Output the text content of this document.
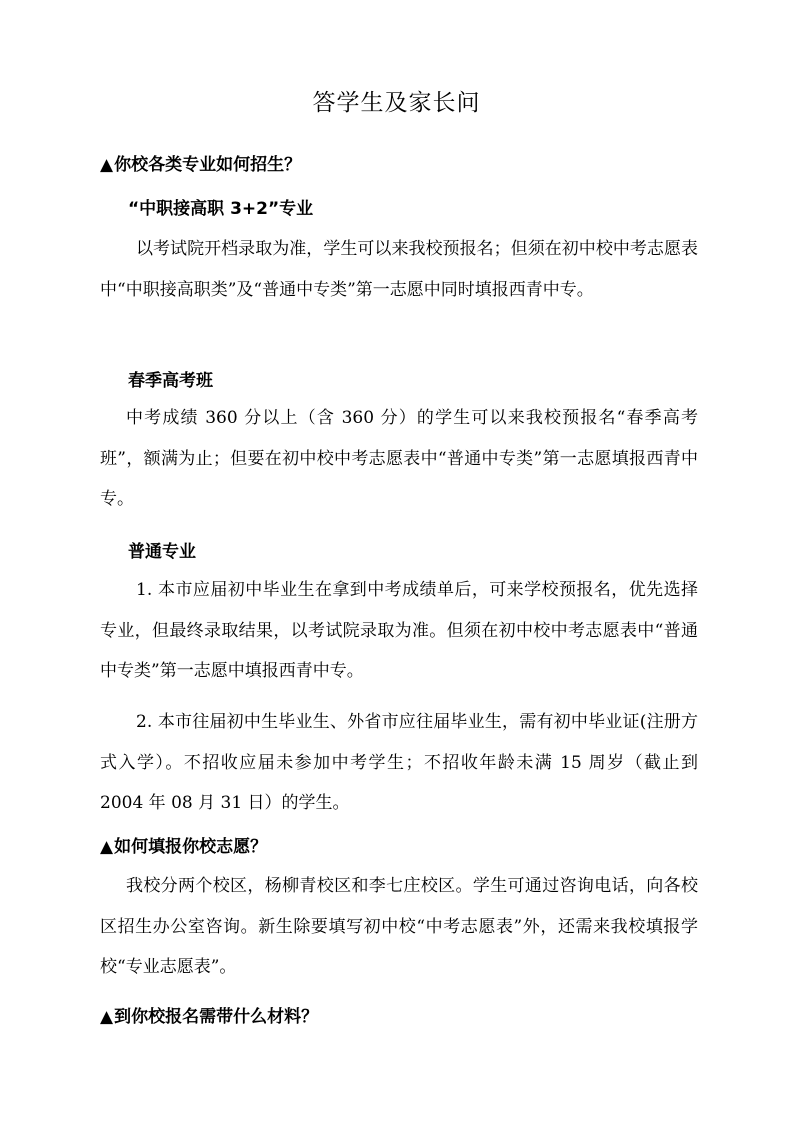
答学生及家长问
▲你校各类专业如何招生？
“中职接高职 3+2”专业

以考试院开档录取为准，学生可以来我校预报名；但须在初中校中考志愿表中“中职接高职类”及“普通中专类”第一志愿中同时填报西青中专。

春季高考班

中考成绩 360 分以上（含 360 分）的学生可以来我校预报名“春季高考班”，额满为止；但要在初中校中考志愿表中“普通中专类”第一志愿填报西青中专。

普通专业

1. 本市应届初中毕业生在拿到中考成绩单后，可来学校预报名，优先选择专业，但最终录取结果，以考试院录取为准。但须在初中校中考志愿表中“普通中专类”第一志愿中填报西青中专。

2. 本市往届初中生毕业生、外省市应往届毕业生，需有初中毕业证(注册方式入学）。不招收应届未参加中考学生；不招收年龄未满 15 周岁（截止到 2004 年 08 月 31 日）的学生。

▲如何填报你校志愿？

我校分两个校区，杨柳青校区和李七庄校区。学生可通过咨询电话，向各校区招生办公室咨询。新生除要填写初中校“中考志愿表”外，还需来我校填报学校“专业志愿表”。

▲到你校报名需带什么材料？
